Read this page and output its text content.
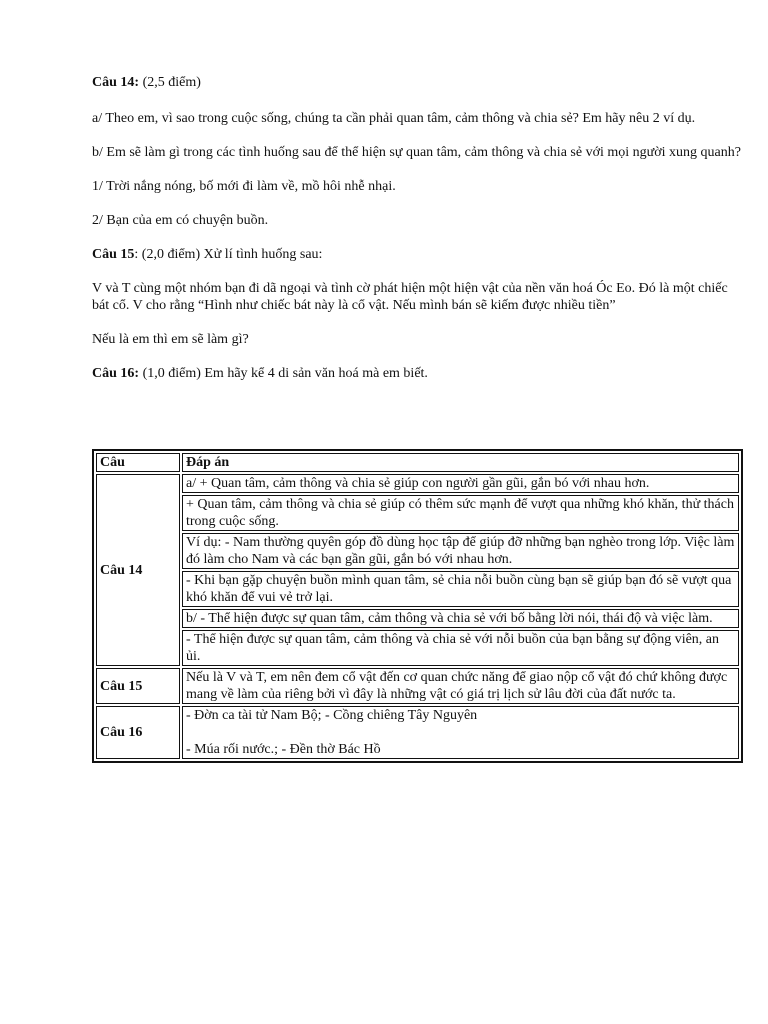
Câu 14: (2,5 điểm)

a/ Theo em, vì sao trong cuộc sống, chúng ta cần phải quan tâm, cảm thông và chia sẻ? Em hãy nêu 2 ví dụ.

b/ Em sẽ làm gì trong các tình huống sau để thể hiện sự quan tâm, cảm thông và chia sẻ với mọi người xung quanh?

1/ Trời nắng nóng, bố mới đi làm về, mồ hôi nhễ nhại.

2/ Bạn của em có chuyện buồn.

Câu 15: (2,0 điểm) Xử lí tình huống sau:

V và T cùng một nhóm bạn đi dã ngoại và tình cờ phát hiện một hiện vật của nền văn hoá Óc Eo. Đó là một chiếc bát cổ. V cho rằng “Hình như chiếc bát này là cổ vật. Nếu mình bán sẽ kiếm được nhiều tiền”

Nếu là em thì em sẽ làm gì?

Câu 16: (1,0 điểm) Em hãy kể 4 di sản văn hoá mà em biết.

Câu	Đáp án
Câu 14	a/ + Quan tâm, cảm thông và chia sẻ giúp con người gần gũi, gắn bó với nhau hơn.
	+ Quan tâm, cảm thông và chia sẻ giúp có thêm sức mạnh để vượt qua những khó khăn, thử thách trong cuộc sống.
	Ví dụ: - Nam thường quyên góp đồ dùng học tập để giúp đỡ những bạn nghèo trong lớp. Việc làm đó làm cho Nam và các bạn gần gũi, gắn bó với nhau hơn.
	- Khi bạn gặp chuyện buồn mình quan tâm, sẻ chia nỗi buồn cùng bạn sẽ giúp bạn đó sẽ vượt qua khó khăn để vui vẻ trở lại.
	b/ - Thể hiện được sự quan tâm, cảm thông và chia sẻ với bố bằng lời nói, thái độ và việc làm.
	- Thể hiện được sự quan tâm, cảm thông và chia sẻ với nỗi buồn của bạn bằng sự động viên, an ủi.
Câu 15	Nếu là V và T, em nên đem cổ vật đến cơ quan chức năng để giao nộp cổ vật đó chứ không được mang về làm của riêng bởi vì đây là những vật có giá trị lịch sử lâu đời của đất nước ta.
Câu 16	- Đờn ca tài tử Nam Bộ; - Cồng chiêng Tây Nguyên
- Múa rối nước.; - Đền thờ Bác Hồ
